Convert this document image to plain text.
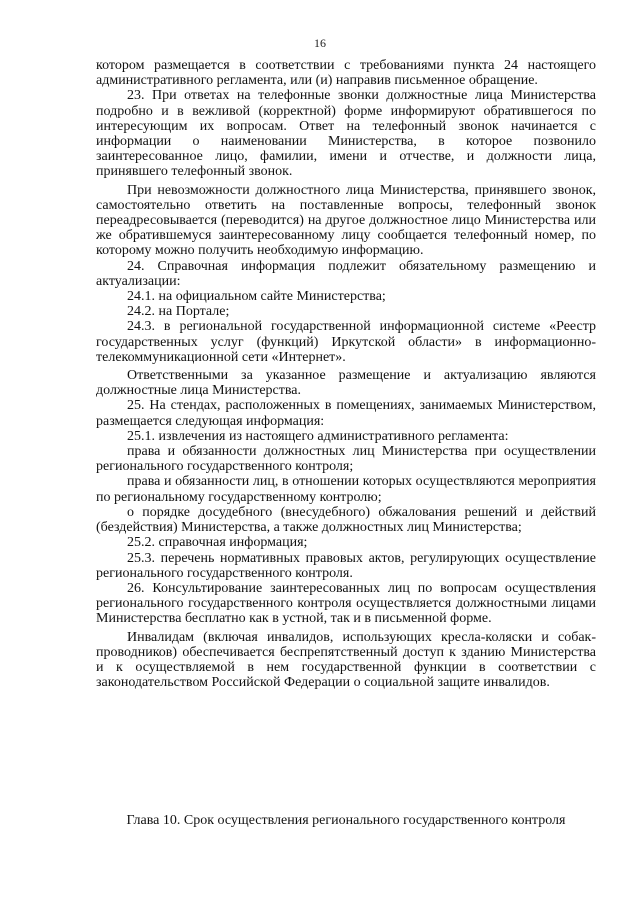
16

котором размещается в соответствии с требованиями пункта 24 настоящего административного регламента, или (и) направив письменное обращение.

23. При ответах на телефонные звонки должностные лица Министерства подробно и в вежливой (корректной) форме информируют обратившегося по интересующим их вопросам. Ответ на телефонный звонок начинается с информации о наименовании Министерства, в которое позвонило заинтересованное лицо, фамилии, имени и отчестве, и должности лица, принявшего телефонный звонок.

При невозможности должностного лица Министерства, принявшего звонок, самостоятельно ответить на поставленные вопросы, телефонный звонок переадресовывается (переводится) на другое должностное лицо Министерства или же обратившемуся заинтересованному лицу сообщается телефонный номер, по которому можно получить необходимую информацию.

24. Справочная информация подлежит обязательному размещению и актуализации:

24.1. на официальном сайте Министерства;

24.2. на Портале;

24.3. в региональной государственной информационной системе «Реестр государственных услуг (функций) Иркутской области» в информационно-телекоммуникационной сети «Интернет».

Ответственными за указанное размещение и актуализацию являются должностные лица Министерства.

25. На стендах, расположенных в помещениях, занимаемых Министерством, размещается следующая информация:

25.1. извлечения из настоящего административного регламента:

права и обязанности должностных лиц Министерства при осуществлении регионального государственного контроля;

права и обязанности лиц, в отношении которых осуществляются мероприятия по региональному государственному контролю;

о порядке досудебного (внесудебного) обжалования решений и действий (бездействия) Министерства, а также должностных лиц Министерства;

25.2. справочная информация;

25.3. перечень нормативных правовых актов, регулирующих осуществление регионального государственного контроля.

26. Консультирование заинтересованных лиц по вопросам осуществления регионального государственного контроля осуществляется должностными лицами Министерства бесплатно как в устной, так и в письменной форме.

Инвалидам (включая инвалидов, использующих кресла-коляски и собак-проводников) обеспечивается беспрепятственный доступ к зданию Министерства и к осуществляемой в нем государственной функции в соответствии с законодательством Российской Федерации о социальной защите инвалидов.

Глава 10. Срок осуществления регионального государственного контроля
